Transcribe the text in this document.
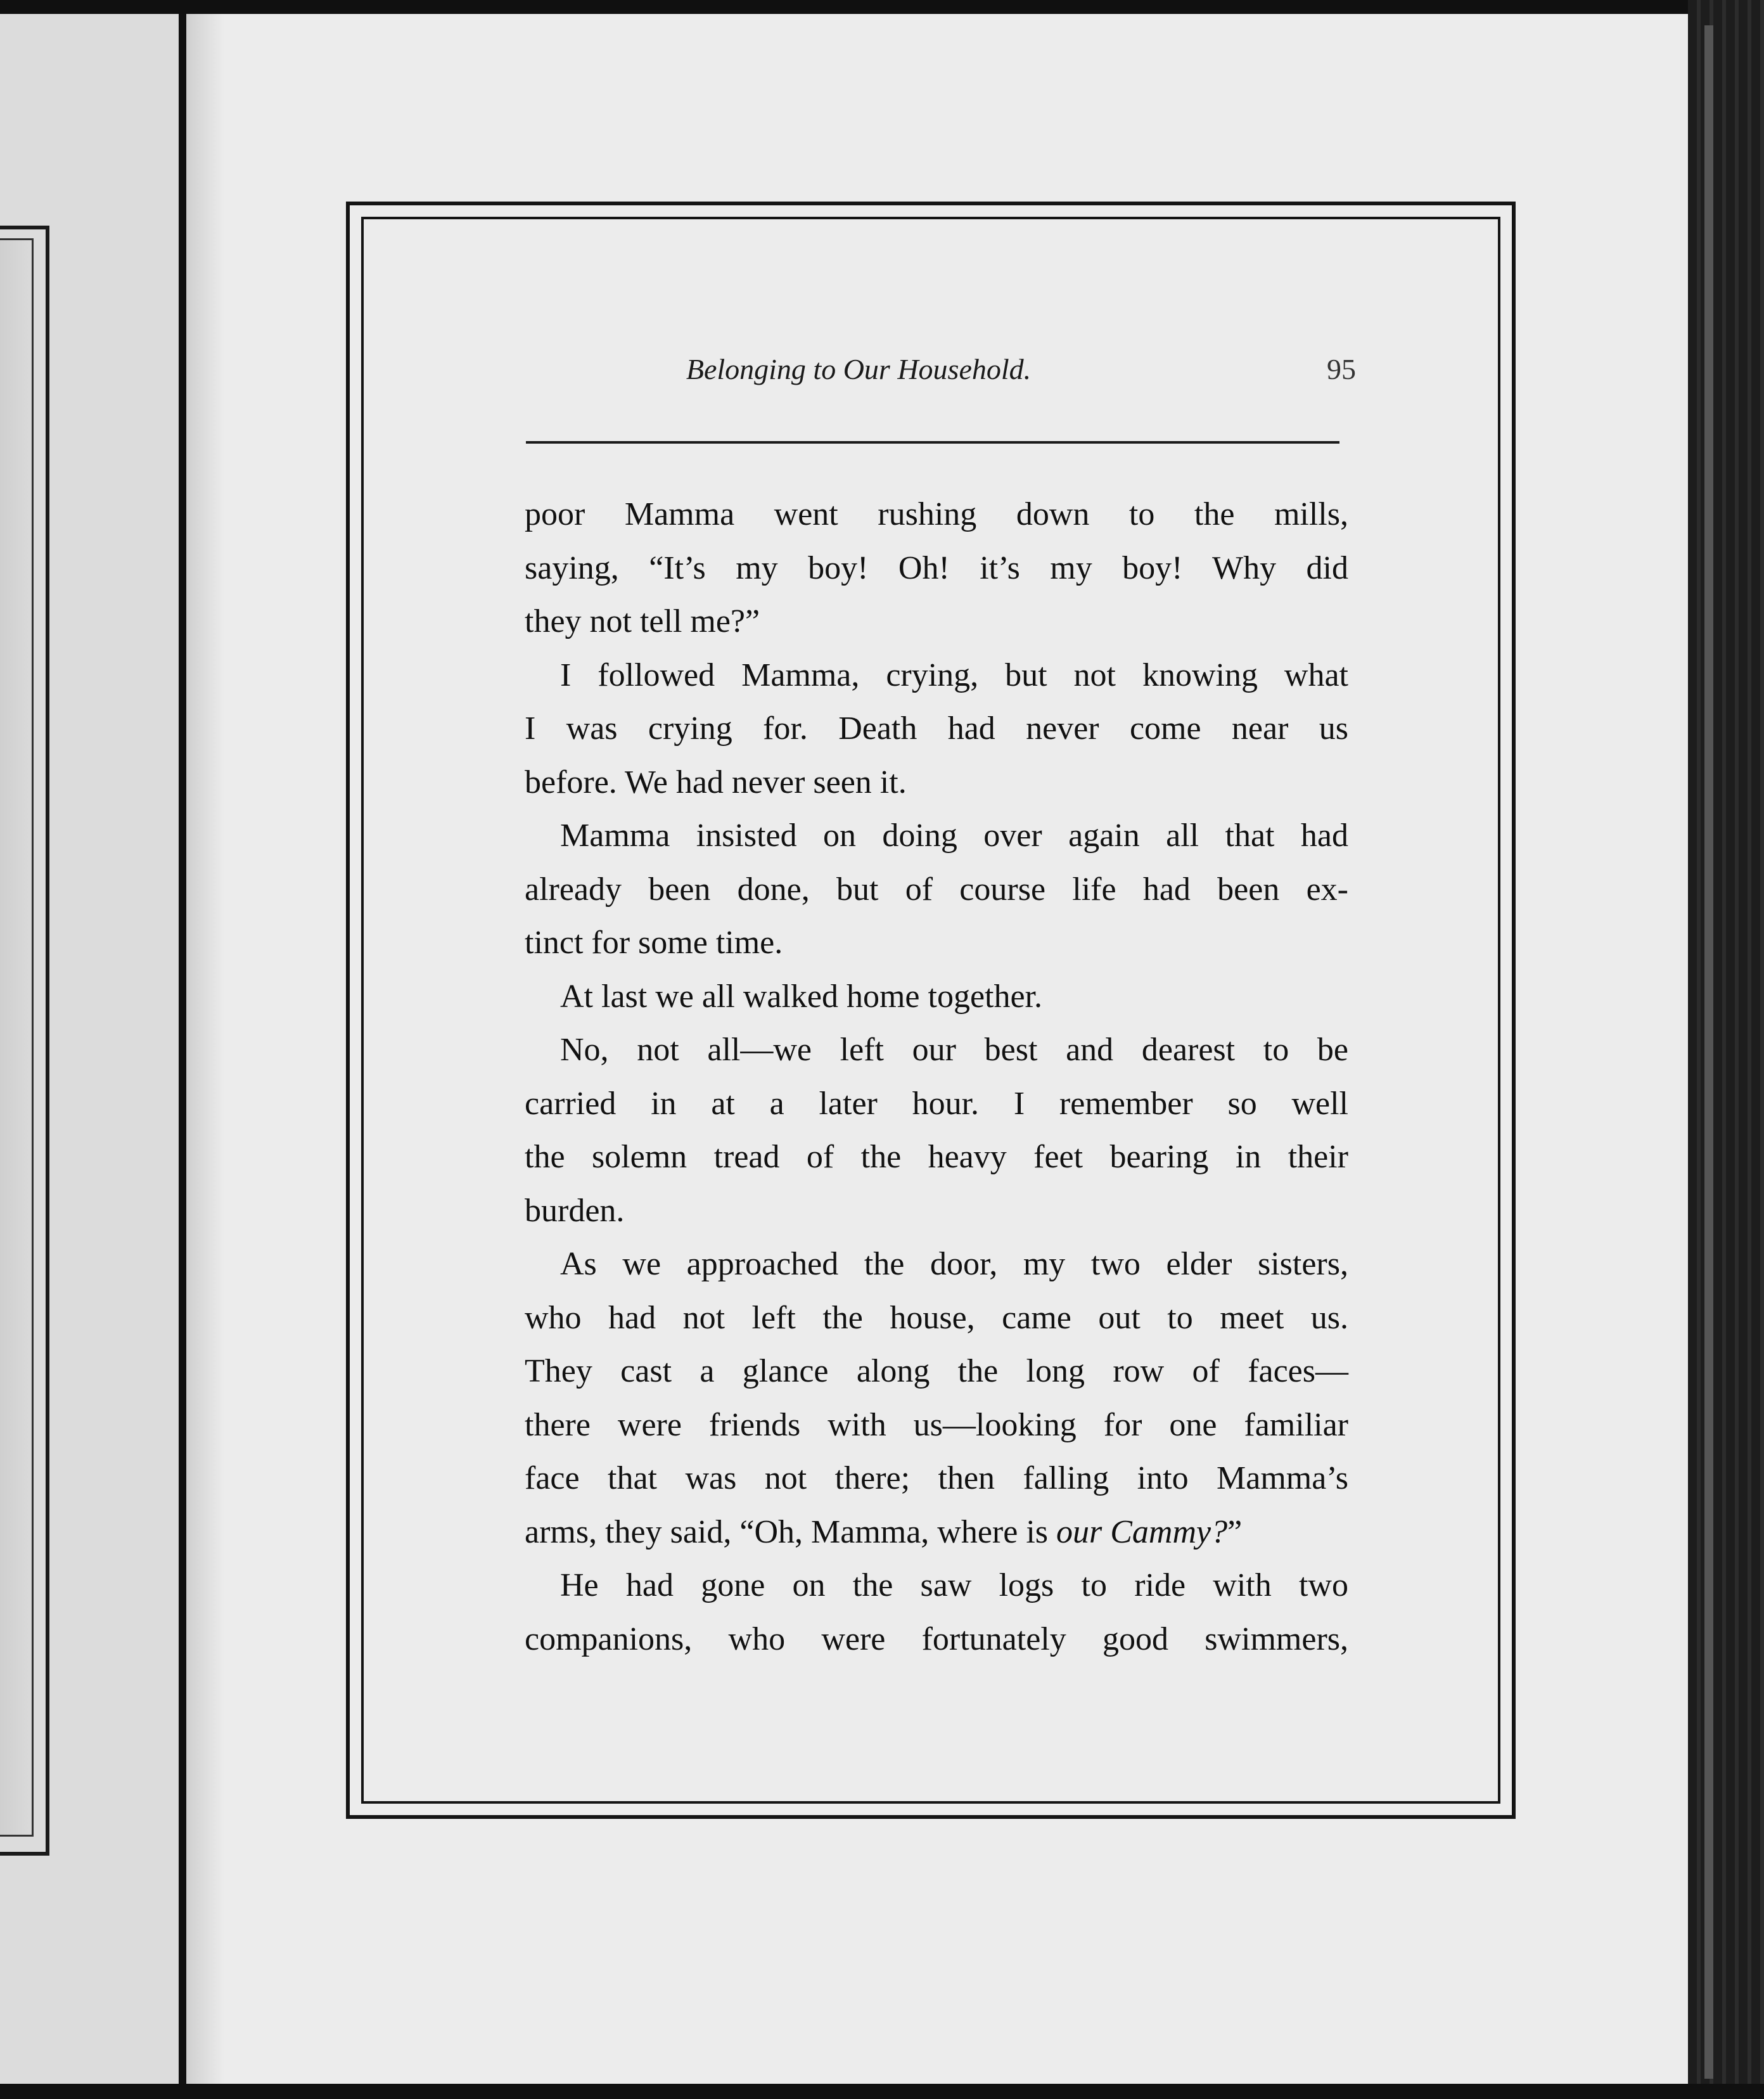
Belonging to Our Household.	95
poor Mamma went rushing down to the mills,
saying, “It’s my boy! Oh! it’s my boy! Why did
they not tell me?”
I followed Mamma, crying, but not knowing what
I was crying for. Death had never come near us
before. We had never seen it.
Mamma insisted on doing over again all that had
already been done, but of course life had been ex-
tinct for some time.
At last we all walked home together.
No, not all—we left our best and dearest to be
carried in at a later hour. I remember so well
the solemn tread of the heavy feet bearing in their
burden.
As we approached the door, my two elder sisters,
who had not left the house, came out to meet us.
They cast a glance along the long row of faces—
there were friends with us—looking for one familiar
face that was not there; then falling into Mamma’s
arms, they said, “Oh, Mamma, where is our Cammy?”
He had gone on the saw logs to ride with two
companions, who were fortunately good swimmers,
